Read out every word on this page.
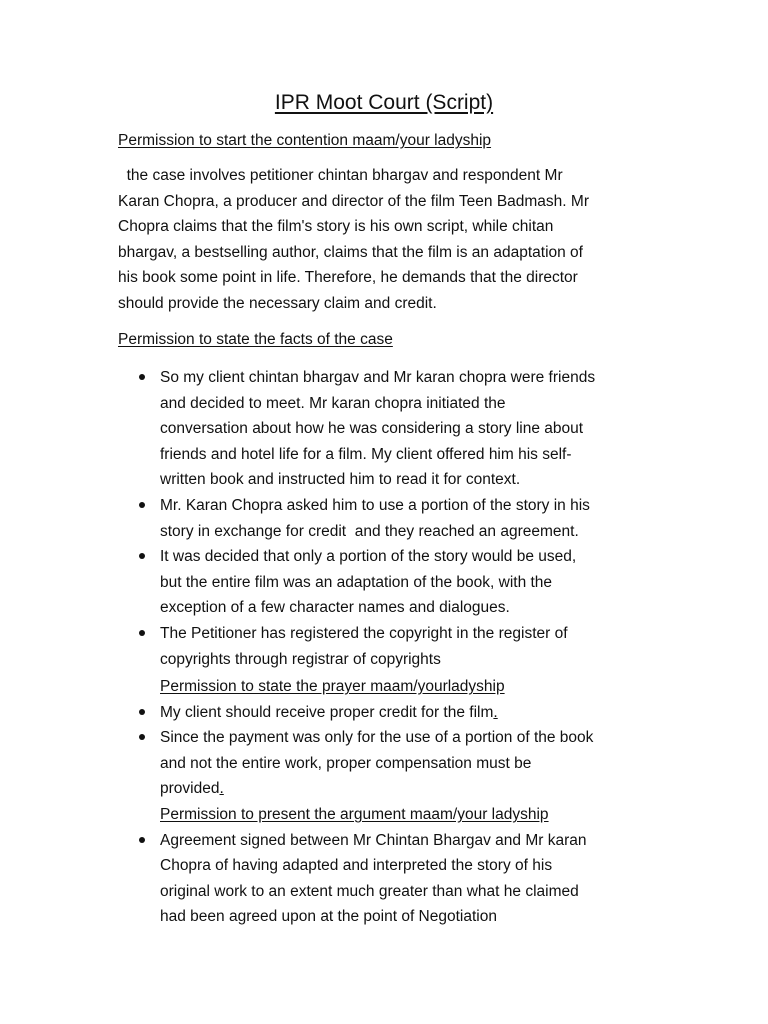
IPR Moot Court (Script)
Permission to start the contention maam/your ladyship
the case involves petitioner chintan bhargav and respondent Mr
Karan Chopra, a producer and director of the film Teen Badmash. Mr
Chopra claims that the film's story is his own script, while chitan
bhargav, a bestselling author, claims that the film is an adaptation of
his book some point in life. Therefore, he demands that the director
should provide the necessary claim and credit.
Permission to state the facts of the case
So my client chintan bhargav and Mr karan chopra were friends
and decided to meet. Mr karan chopra initiated the
conversation about how he was considering a story line about
friends and hotel life for a film. My client offered him his self-
written book and instructed him to read it for context.
Mr. Karan Chopra asked him to use a portion of the story in his
story in exchange for credit  and they reached an agreement.
It was decided that only a portion of the story would be used,
but the entire film was an adaptation of the book, with the
exception of a few character names and dialogues.
The Petitioner has registered the copyright in the register of
copyrights through registrar of copyrights
Permission to state the prayer maam/yourladyship
My client should receive proper credit for the film.
Since the payment was only for the use of a portion of the book
and not the entire work, proper compensation must be
provided.
Permission to present the argument maam/your ladyship
Agreement signed between Mr Chintan Bhargav and Mr karan
Chopra of having adapted and interpreted the story of his
original work to an extent much greater than what he claimed
had been agreed upon at the point of Negotiation
